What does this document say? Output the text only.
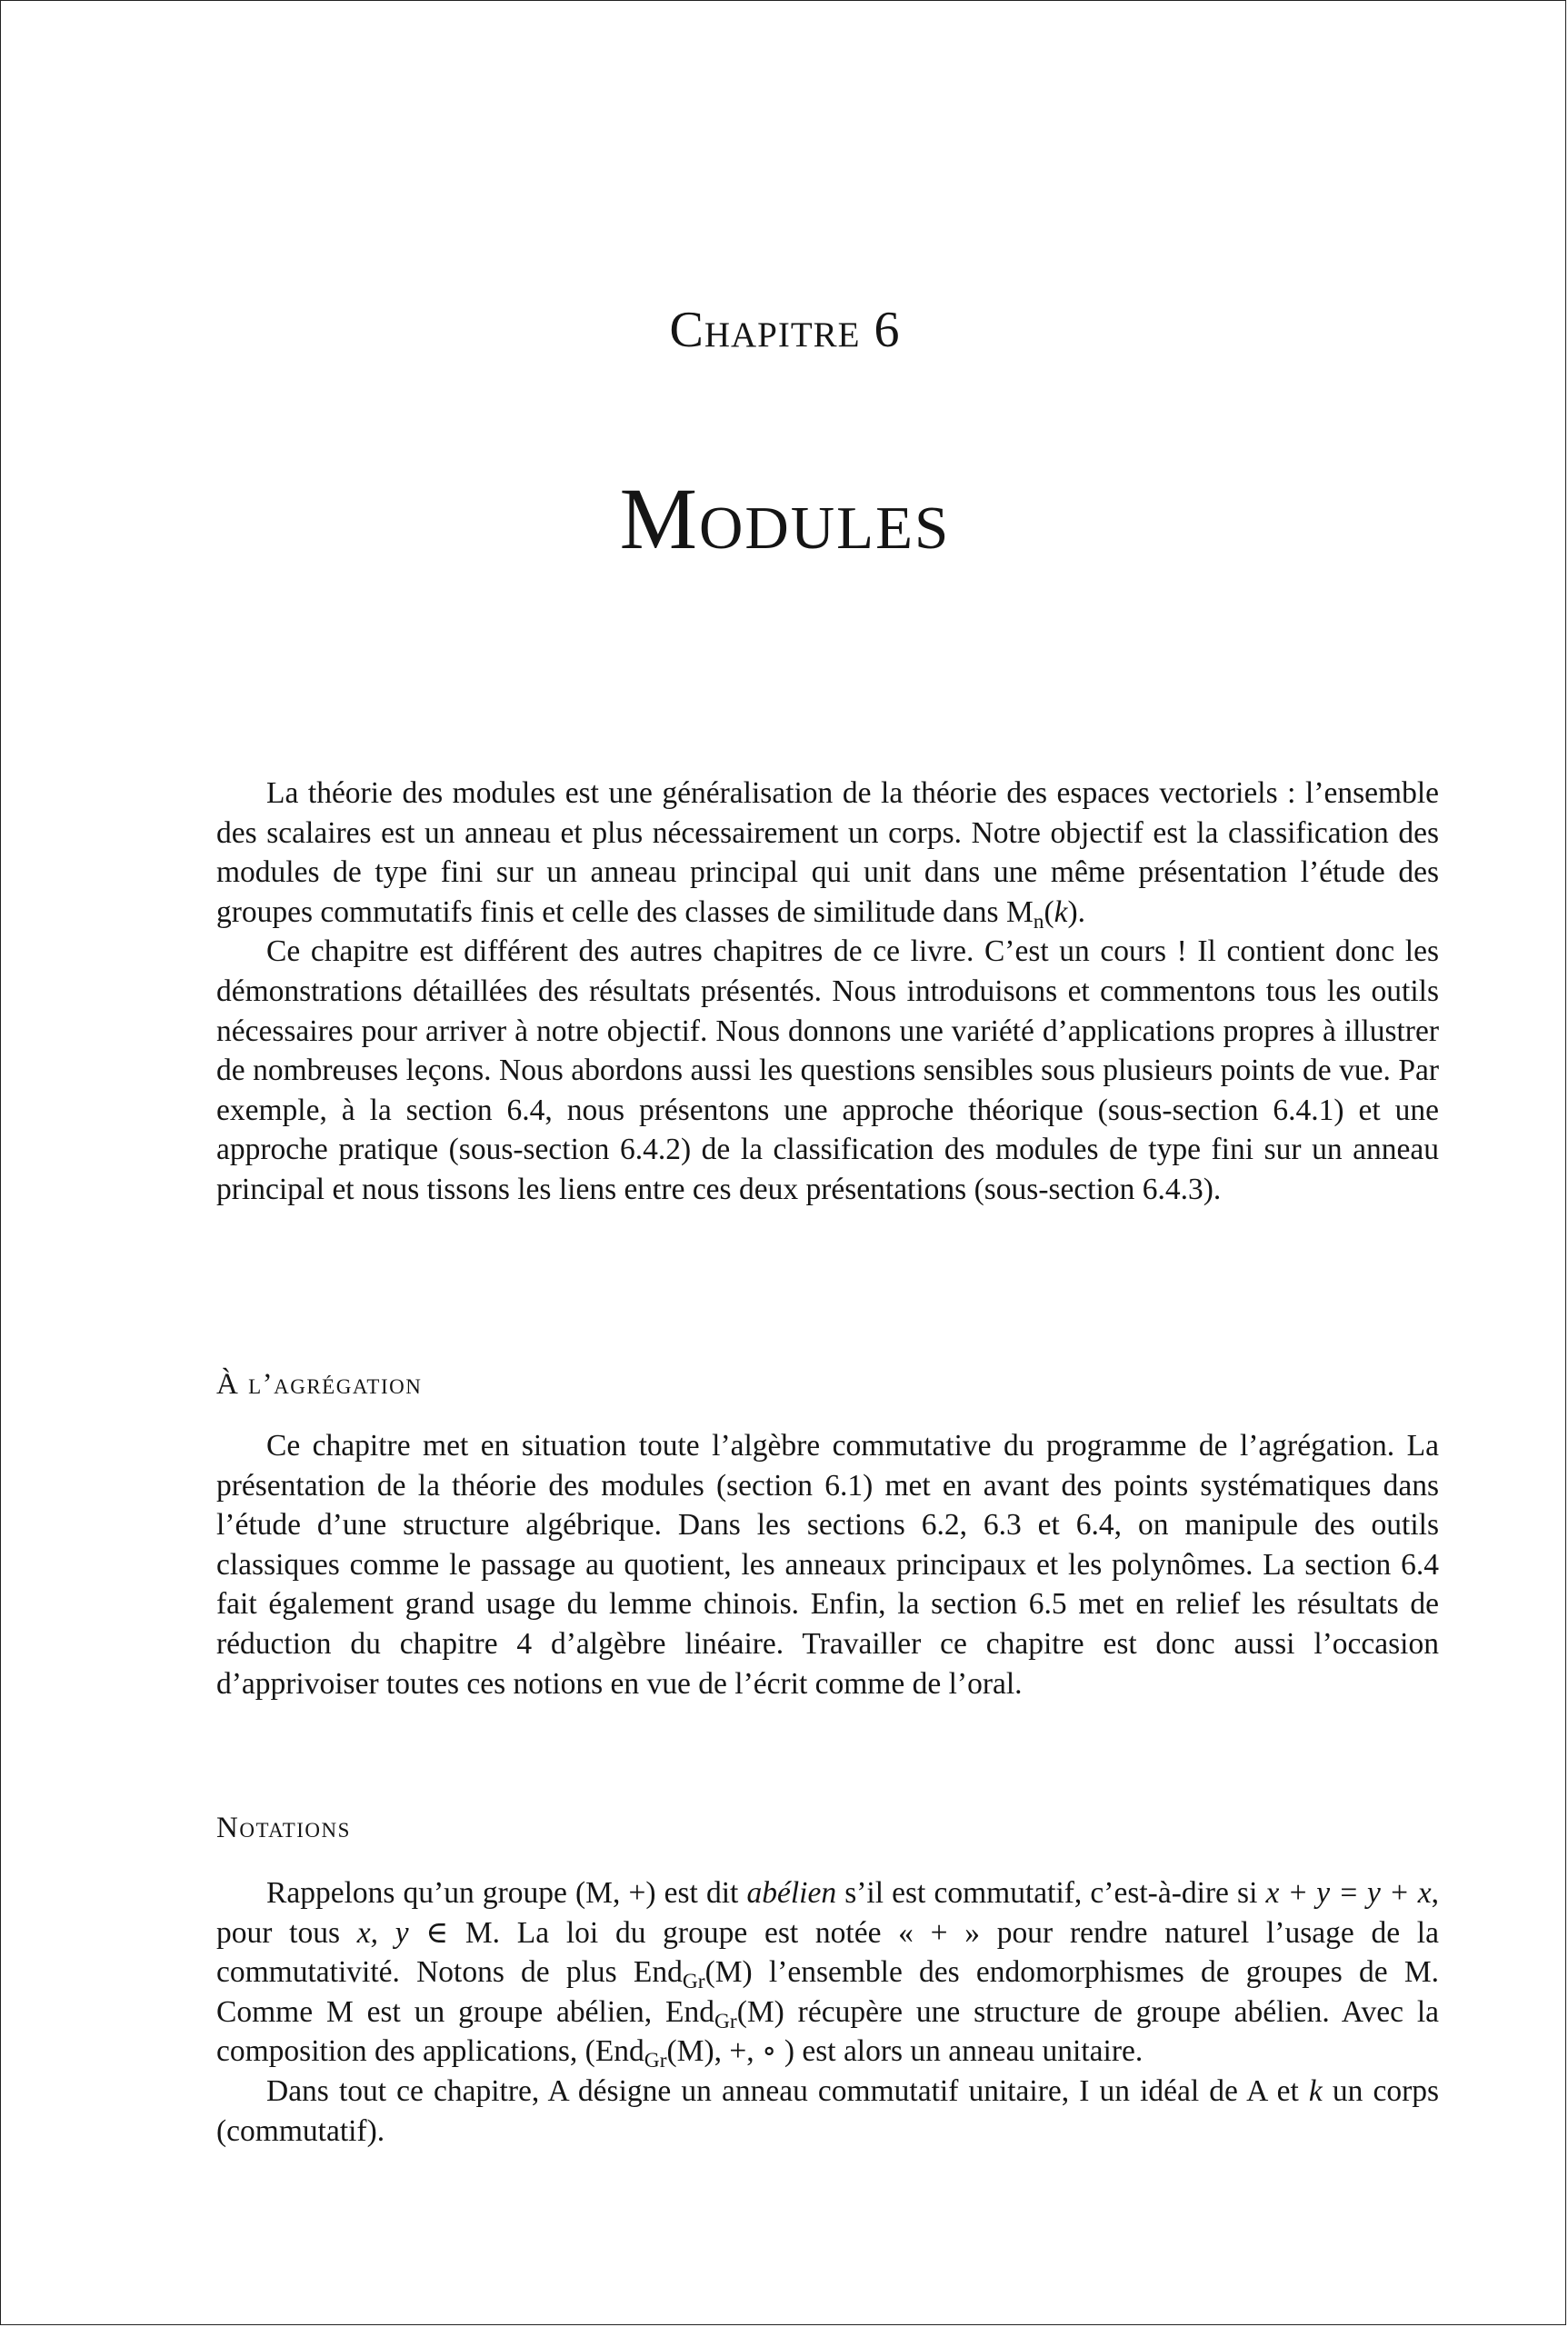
Chapitre 6
Modules

La théorie des modules est une généralisation de la théorie des espaces vectoriels : l’ensemble des scalaires est un anneau et plus nécessairement un corps. Notre objectif est la classification des modules de type fini sur un anneau principal qui unit dans une même présentation l’étude des groupes commutatifs finis et celle des classes de similitude dans $M_n(k)$.

Ce chapitre est différent des autres chapitres de ce livre. C’est un cours ! Il contient donc les démonstrations détaillées des résultats présentés. Nous introduisons et commentons tous les outils nécessaires pour arriver à notre objectif. Nous donnons une variété d’applications propres à illustrer de nombreuses leçons. Nous abordons aussi les questions sensibles sous plusieurs points de vue. Par exemple, à la section 6.4, nous présentons une approche théorique (sous-section 6.4.1) et une approche pratique (sous-section 6.4.2) de la classification des modules de type fini sur un anneau principal et nous tissons les liens entre ces deux présentations (sous-section 6.4.3).

À l’agrégation

Ce chapitre met en situation toute l’algèbre commutative du programme de l’agrégation. La présentation de la théorie des modules (section 6.1) met en avant des points systématiques dans l’étude d’une structure algébrique. Dans les sections 6.2, 6.3 et 6.4, on manipule des outils classiques comme le passage au quotient, les anneaux principaux et les polynômes. La section 6.4 fait également grand usage du lemme chinois. Enfin, la section 6.5 met en relief les résultats de réduction du chapitre 4 d’algèbre linéaire. Travailler ce chapitre est donc aussi l’occasion d’apprivoiser toutes ces notions en vue de l’écrit comme de l’oral.

Notations

Rappelons qu’un groupe (M, +) est dit abélien s’il est commutatif, c’est-à-dire si x + y = y + x, pour tous x, y ∈ M. La loi du groupe est notée « + » pour rendre naturel l’usage de la commutativité. Notons de plus End$_{Gr}$(M) l’ensemble des endomorphismes de groupes de M. Comme M est un groupe abélien, End$_{Gr}$(M) récupère une structure de groupe abélien. Avec la composition des applications, (End$_{Gr}$(M), +, ∘ ) est alors un anneau unitaire.

Dans tout ce chapitre, A désigne un anneau commutatif unitaire, I un idéal de A et k un corps (commutatif).
